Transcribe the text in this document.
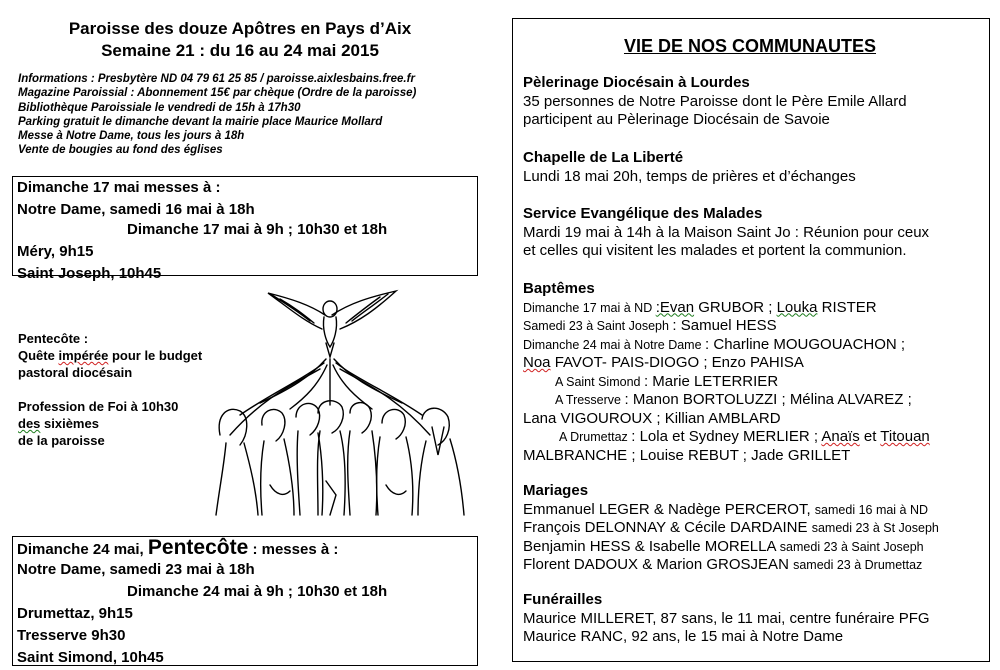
Paroisse des douze Apôtres en Pays d’Aix
Semaine 21 : du 16 au 24 mai 2015
Informations : Presbytère ND 04 79 61 25 85 / paroisse.aixlesbains.free.fr
Magazine Paroissial : Abonnement 15€ par chèque (Ordre de la paroisse)
Bibliothèque Paroissiale le vendredi de 15h à 17h30
Parking gratuit le dimanche devant la mairie place Maurice Mollard
Messe à Notre Dame, tous les jours à 18h
Vente de bougies au fond des églises
Dimanche 17 mai messes à :
Notre Dame, samedi 16 mai à 18h
Dimanche 17 mai à 9h ; 10h30 et 18h
Méry, 9h15
Saint Joseph, 10h45
Pentecôte :
Quête impérée pour le budget
pastoral diocésain
Profession de Foi à 10h30
des sixièmes
de la paroisse
Dimanche 24 mai, Pentecôte : messes à :
Notre Dame, samedi 23 mai à 18h
Dimanche 24 mai à 9h ; 10h30 et 18h
Drumettaz, 9h15
Tresserve 9h30
Saint Simond, 10h45
VIE DE NOS COMMUNAUTES
Pèlerinage Diocésain à Lourdes
35 personnes de Notre Paroisse dont le Père Emile Allard
participent au Pèlerinage Diocésain de Savoie
Chapelle de La Liberté
Lundi 18 mai 20h, temps de prières et d’échanges
Service Evangélique des Malades
Mardi 19 mai à 14h à la Maison Saint Jo : Réunion pour ceux
et celles qui visitent les malades et portent la communion.
Baptêmes
Dimanche 17 mai à ND :Evan GRUBOR ; Louka RISTER
Samedi 23 à Saint Joseph : Samuel HESS
Dimanche 24 mai à Notre Dame : Charline MOUGOUACHON ;
Noa FAVOT- PAIS-DIOGO ; Enzo PAHISA
A Saint Simond : Marie LETERRIER
A Tresserve : Manon BORTOLUZZI ; Mélina ALVAREZ ;
Lana VIGOUROUX ; Killian AMBLARD
A Drumettaz : Lola et Sydney MERLIER ; Anaïs et Titouan
MALBRANCHE ; Louise REBUT ; Jade GRILLET
Mariages
Emmanuel LEGER & Nadège PERCEROT, samedi 16 mai à ND
François DELONNAY & Cécile DARDAINE samedi 23 à St Joseph
Benjamin HESS & Isabelle MORELLA samedi 23 à Saint Joseph
Florent DADOUX & Marion GROSJEAN samedi 23 à Drumettaz
Funérailles
Maurice MILLERET, 87 sans, le 11 mai, centre funéraire PFG
Maurice RANC, 92 ans, le 15 mai à Notre Dame
